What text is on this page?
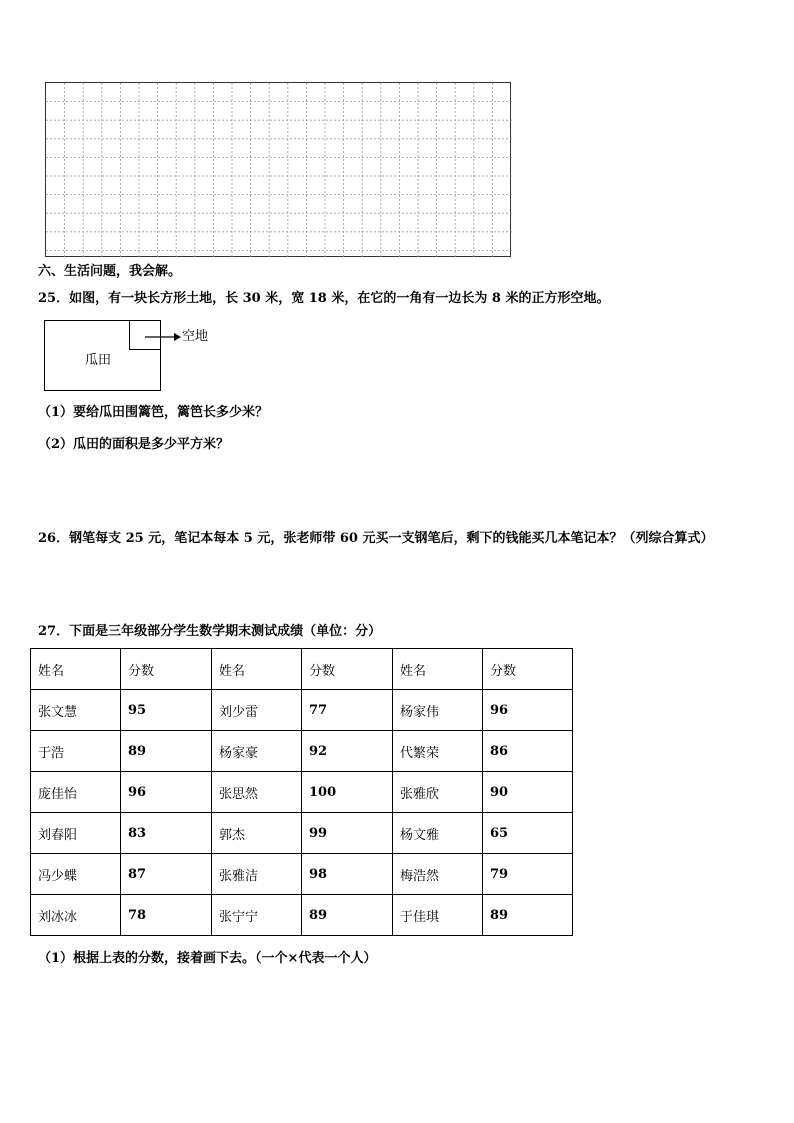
六、生活问题，我会解。
25．如图，有一块长方形土地，长 30 米，宽 18 米，在它的一角有一边长为 8 米的正方形空地。
瓜田
空地
（1）要给瓜田围篱笆，篱笆长多少米？
（2）瓜田的面积是多少平方米？
26．钢笔每支 25 元，笔记本每本 5 元，张老师带 60 元买一支钢笔后，剩下的钱能买几本笔记本？（列综合算式）
27．下面是三年级部分学生数学期末测试成绩（单位：分）
姓名	分数	姓名	分数	姓名	分数
张文慧	95	刘少雷	77	杨家伟	96
于浩	89	杨家豪	92	代繁荣	86
庞佳怡	96	张思然	100	张雅欣	90
刘春阳	83	郭杰	99	杨文雅	65
冯少蝶	87	张雅洁	98	梅浩然	79
刘冰冰	78	张宁宁	89	于佳琪	89
（1）根据上表的分数，接着画下去。（一个×代表一个人）
